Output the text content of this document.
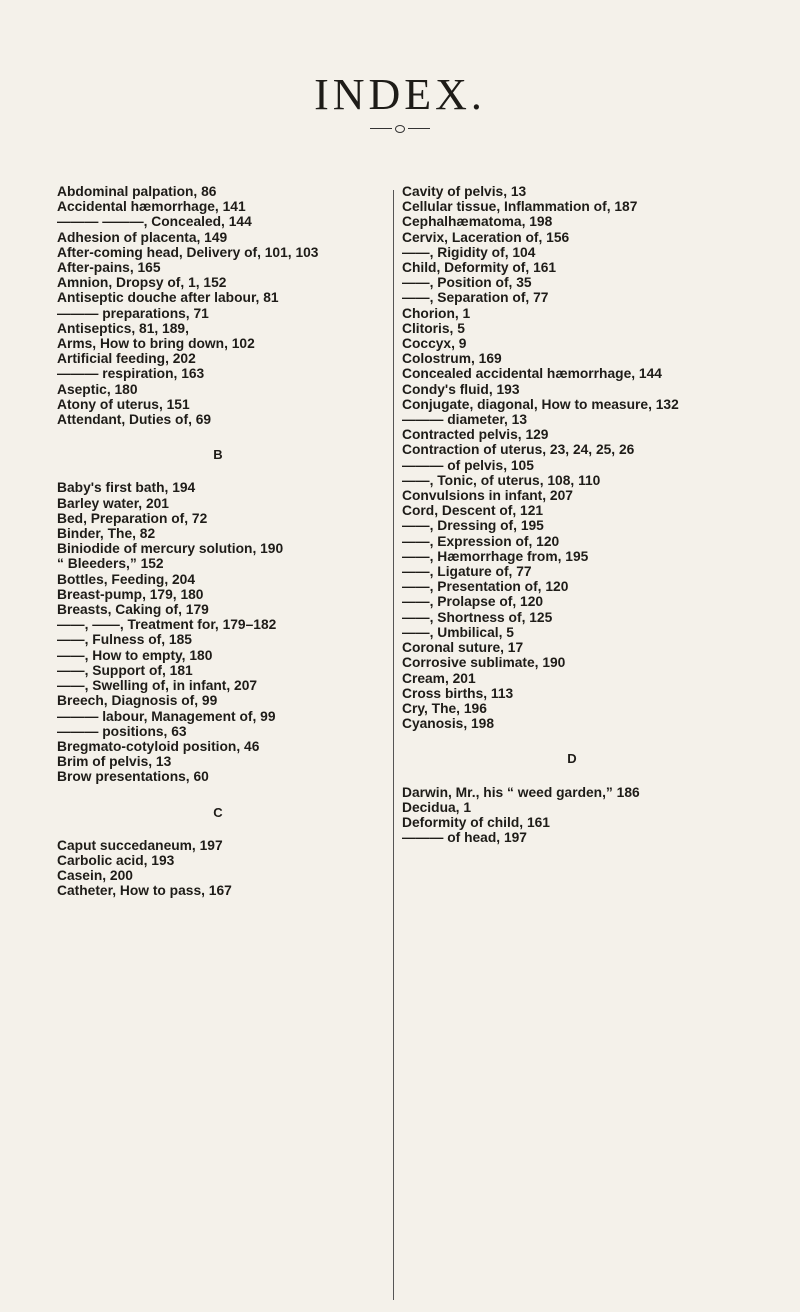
INDEX.

Abdominal palpation, 86

Accidental hæmorrhage, 141

——— ———, Concealed, 144

Adhesion of placenta, 149

After-coming head, Delivery of, 101, 103

After-pains, 165

Amnion, Dropsy of, 1, 152

Antiseptic douche after labour, 81

——— preparations, 71

Antiseptics, 81, 189,

Arms, How to bring down, 102

Artificial feeding, 202

——— respiration, 163

Aseptic, 180

Atony of uterus, 151

Attendant, Duties of, 69

B

Baby's first bath, 194

Barley water, 201

Bed, Preparation of, 72

Binder, The, 82

Biniodide of mercury solution, 190

“ Bleeders,” 152

Bottles, Feeding, 204

Breast-pump, 179, 180

Breasts, Caking of, 179

——, ——, Treatment for, 179–182

——, Fulness of, 185

——, How to empty, 180

——, Support of, 181

——, Swelling of, in infant, 207

Breech, Diagnosis of, 99

——— labour, Management of, 99

——— positions, 63

Bregmato-cotyloid position, 46

Brim of pelvis, 13

Brow presentations, 60

C

Caput succedaneum, 197

Carbolic acid, 193

Casein, 200

Catheter, How to pass, 167

Cavity of pelvis, 13

Cellular tissue, Inflammation of, 187

Cephalhæmatoma, 198

Cervix, Laceration of, 156

——, Rigidity of, 104

Child, Deformity of, 161

——, Position of, 35

——, Separation of, 77

Chorion, 1

Clitoris, 5

Coccyx, 9

Colostrum, 169

Concealed accidental hæmorrhage, 144

Condy's fluid, 193

Conjugate, diagonal, How to measure, 132

——— diameter, 13

Contracted pelvis, 129

Contraction of uterus, 23, 24, 25, 26

——— of pelvis, 105

——, Tonic, of uterus, 108, 110

Convulsions in infant, 207

Cord, Descent of, 121

——, Dressing of, 195

——, Expression of, 120

——, Hæmorrhage from, 195

——, Ligature of, 77

——, Presentation of, 120

——, Prolapse of, 120

——, Shortness of, 125

——, Umbilical, 5

Coronal suture, 17

Corrosive sublimate, 190

Cream, 201

Cross births, 113

Cry, The, 196

Cyanosis, 198

D

Darwin, Mr., his “ weed garden,” 186

Decidua, 1

Deformity of child, 161

——— of head, 197
